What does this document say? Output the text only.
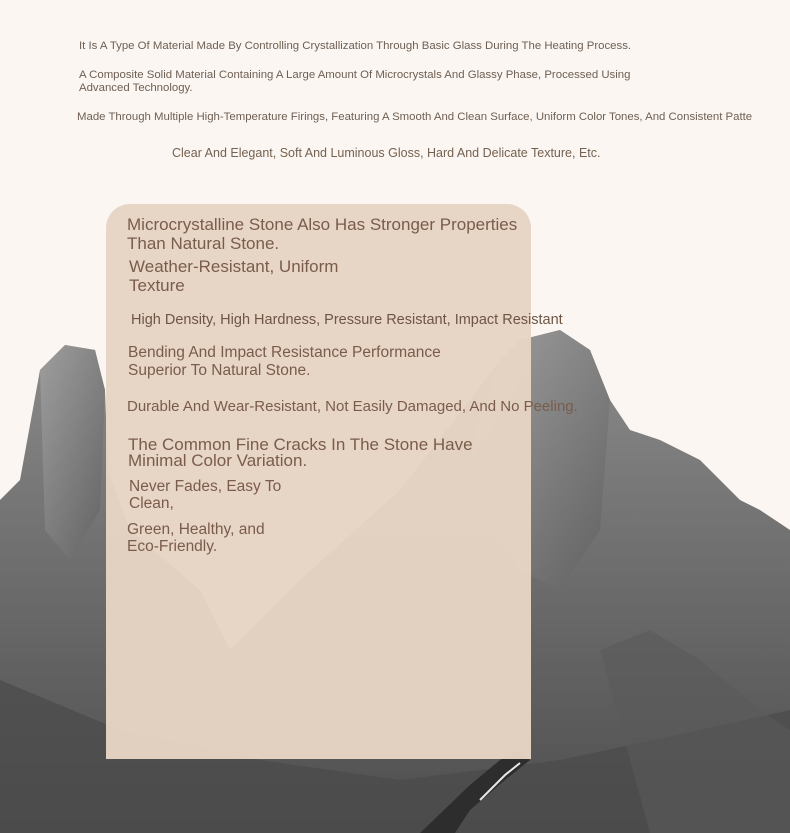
It Is A Type Of Material Made By Controlling Crystallization Through Basic Glass During The Heating Process.
A Composite Solid Material Containing A Large Amount Of Microcrystals And Glassy Phase, Processed Using Advanced Technology.
Made Through Multiple High-Temperature Firings, Featuring A Smooth And Clean Surface, Uniform Color Tones, And Consistent Patte
Clear And Elegant, Soft And Luminous Gloss, Hard And Delicate Texture, Etc.
Microcrystalline Stone Also Has Stronger Properties Than Natural Stone.
Weather-Resistant, Uniform Texture
High Density, High Hardness, Pressure Resistant, Impact Resistant
Bending And Impact Resistance Performance Superior To Natural Stone.
Durable And Wear-Resistant, Not Easily Damaged, And No Peeling.
The Common Fine Cracks In The Stone Have Minimal Color Variation.
Never Fades, Easy To Clean,
Green, Healthy, and Eco-Friendly.
